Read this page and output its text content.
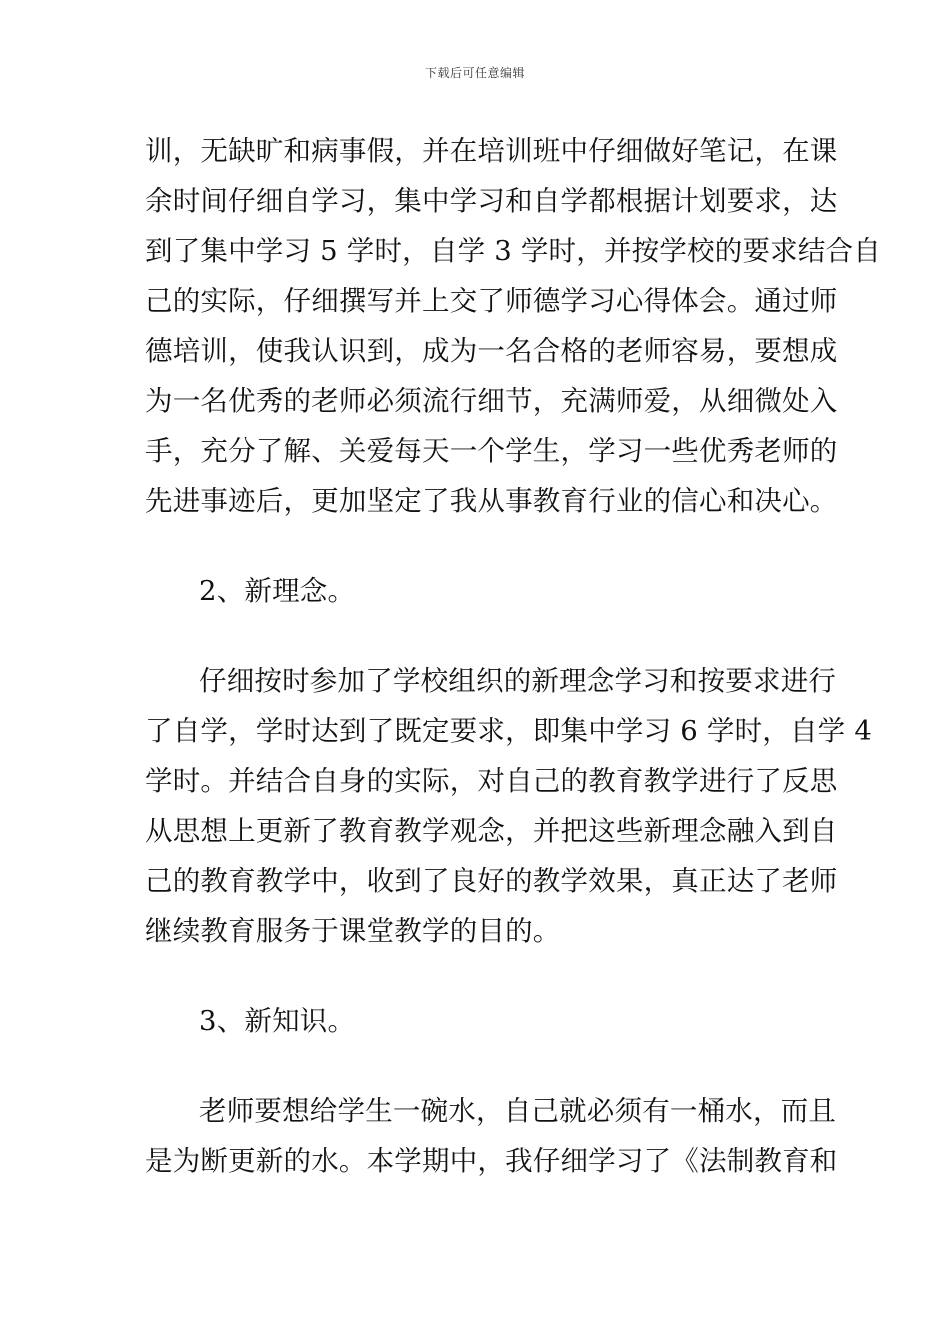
下载后可任意编辑
训，无缺旷和病事假，并在培训班中仔细做好笔记，在课
余时间仔细自学习，集中学习和自学都根据计划要求，达
到了集中学习 5 学时，自学 3 学时，并按学校的要求结合自
己的实际，仔细撰写并上交了师德学习心得体会。通过师
德培训，使我认识到，成为一名合格的老师容易，要想成
为一名优秀的老师必须流行细节，充满师爱，从细微处入
手，充分了解、关爱每天一个学生，学习一些优秀老师的
先进事迹后，更加坚定了我从事教育行业的信心和决心。
2、新理念。
仔细按时参加了学校组织的新理念学习和按要求进行
了自学，学时达到了既定要求，即集中学习 6 学时，自学 4
学时。并结合自身的实际，对自己的教育教学进行了反思
从思想上更新了教育教学观念，并把这些新理念融入到自
己的教育教学中，收到了良好的教学效果，真正达了老师
继续教育服务于课堂教学的目的。
3、新知识。
老师要想给学生一碗水，自己就必须有一桶水，而且
是为断更新的水。本学期中，我仔细学习了《法制教育和
